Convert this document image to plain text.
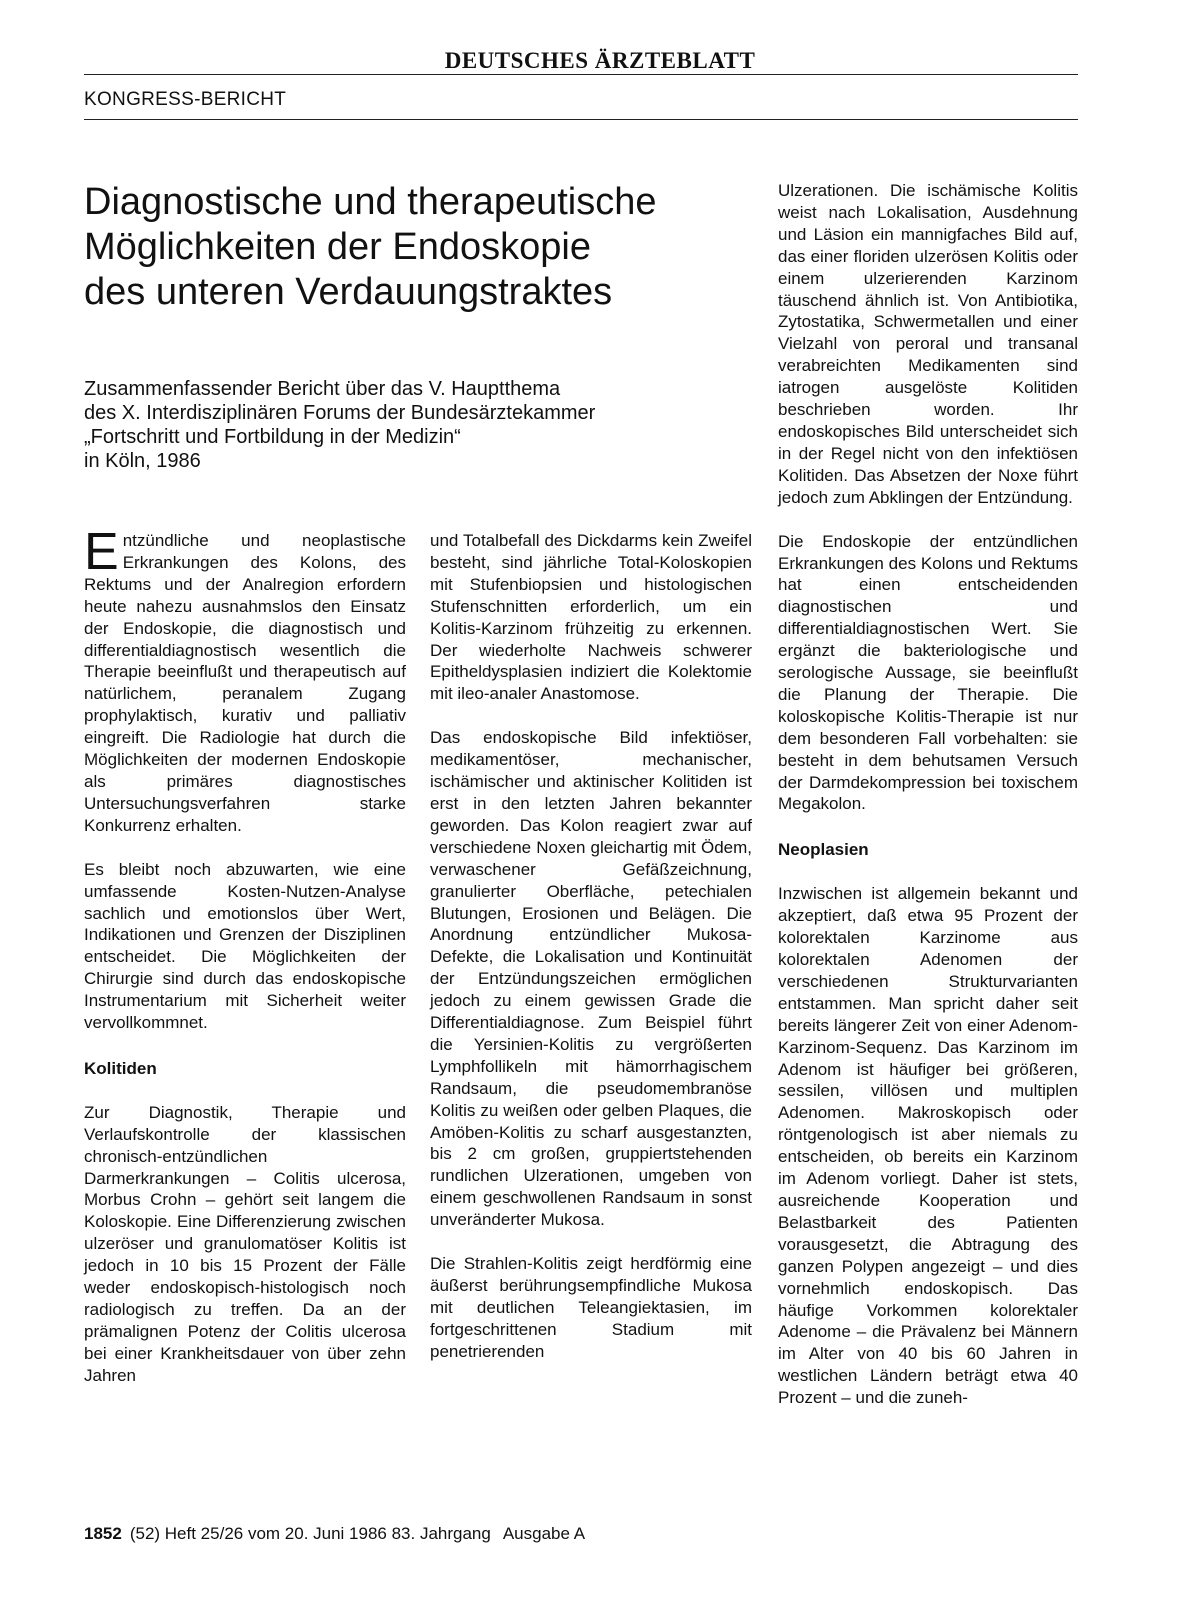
DEUTSCHES ÄRZTEBLATT
KONGRESS-BERICHT
Diagnostische und therapeutische
Möglichkeiten der Endoskopie
des unteren Verdauungstraktes
Zusammenfassender Bericht über das V. Hauptthema
des X. Interdisziplinären Forums der Bundesärztekammer
„Fortschritt und Fortbildung in der Medizin“
in Köln, 1986

Entzündliche und neoplastische Erkrankungen des Kolons, des Rektums und der Analregion erfordern heute nahezu ausnahmslos den Einsatz der Endoskopie, die diagnostisch und differentialdiagnostisch wesentlich die Therapie beeinflußt und therapeutisch auf natürlichem, peranalem Zugang prophylaktisch, kurativ und palliativ eingreift. Die Radiologie hat durch die Möglichkeiten der modernen Endoskopie als primäres diagnostisches Untersuchungsverfahren starke Konkurrenz erhalten.

Es bleibt noch abzuwarten, wie eine umfassende Kosten-Nutzen-Analyse sachlich und emotionslos über Wert, Indikationen und Grenzen der Disziplinen entscheidet. Die Möglichkeiten der Chirurgie sind durch das endoskopische Instrumentarium mit Sicherheit weiter vervollkommnet.

Kolitiden

Zur Diagnostik, Therapie und Verlaufskontrolle der klassischen chronisch-entzündlichen Darmerkrankungen – Colitis ulcerosa, Morbus Crohn – gehört seit langem die Koloskopie. Eine Differenzierung zwischen ulzeröser und granulomatöser Kolitis ist jedoch in 10 bis 15 Prozent der Fälle weder endoskopisch-histologisch noch radiologisch zu treffen. Da an der prämalignen Potenz der Colitis ulcerosa bei einer Krankheitsdauer von über zehn Jahren

und Totalbefall des Dickdarms kein Zweifel besteht, sind jährliche Total-Koloskopien mit Stufenbiopsien und histologischen Stufenschnitten erforderlich, um ein Kolitis-Karzinom frühzeitig zu erkennen. Der wiederholte Nachweis schwerer Epitheldysplasien indiziert die Kolektomie mit ileo-analer Anastomose.

Das endoskopische Bild infektiöser, medikamentöser, mechanischer, ischämischer und aktinischer Kolitiden ist erst in den letzten Jahren bekannter geworden. Das Kolon reagiert zwar auf verschiedene Noxen gleichartig mit Ödem, verwaschener Gefäßzeichnung, granulierter Oberfläche, petechialen Blutungen, Erosionen und Belägen. Die Anordnung entzündlicher Mukosa-Defekte, die Lokalisation und Kontinuität der Entzündungszeichen ermöglichen jedoch zu einem gewissen Grade die Differentialdiagnose. Zum Beispiel führt die Yersinien-Kolitis zu vergrößerten Lymphfollikeln mit hämorrhagischem Randsaum, die pseudomembranöse Kolitis zu weißen oder gelben Plaques, die Amöben-Kolitis zu scharf ausgestanzten, bis 2 cm großen, gruppiertstehenden rundlichen Ulzerationen, umgeben von einem geschwollenen Randsaum in sonst unveränderter Mukosa.

Die Strahlen-Kolitis zeigt herdförmig eine äußerst berührungsempfindliche Mukosa mit deutlichen Teleangiektasien, im fortgeschrittenen Stadium mit penetrierenden

Ulzerationen. Die ischämische Kolitis weist nach Lokalisation, Ausdehnung und Läsion ein mannigfaches Bild auf, das einer floriden ulzerösen Kolitis oder einem ulzerierenden Karzinom täuschend ähnlich ist. Von Antibiotika, Zytostatika, Schwermetallen und einer Vielzahl von peroral und transanal verabreichten Medikamenten sind iatrogen ausgelöste Kolitiden beschrieben worden. Ihr endoskopisches Bild unterscheidet sich in der Regel nicht von den infektiösen Kolitiden. Das Absetzen der Noxe führt jedoch zum Abklingen der Entzündung.

Die Endoskopie der entzündlichen Erkrankungen des Kolons und Rektums hat einen entscheidenden diagnostischen und differentialdiagnostischen Wert. Sie ergänzt die bakteriologische und serologische Aussage, sie beeinflußt die Planung der Therapie. Die koloskopische Kolitis-Therapie ist nur dem besonderen Fall vorbehalten: sie besteht in dem behutsamen Versuch der Darmdekompression bei toxischem Megakolon.

Neoplasien

Inzwischen ist allgemein bekannt und akzeptiert, daß etwa 95 Prozent der kolorektalen Karzinome aus kolorektalen Adenomen der verschiedenen Strukturvarianten entstammen. Man spricht daher seit bereits längerer Zeit von einer Adenom-Karzinom-Sequenz. Das Karzinom im Adenom ist häufiger bei größeren, sessilen, villösen und multiplen Adenomen. Makroskopisch oder röntgenologisch ist aber niemals zu entscheiden, ob bereits ein Karzinom im Adenom vorliegt. Daher ist stets, ausreichende Kooperation und Belastbarkeit des Patienten vorausgesetzt, die Abtragung des ganzen Polypen angezeigt – und dies vornehmlich endoskopisch. Das häufige Vorkommen kolorektaler Adenome – die Prävalenz bei Männern im Alter von 40 bis 60 Jahren in westlichen Ländern beträgt etwa 40 Prozent – und die zuneh-

1852 (52) Heft 25/26 vom 20. Juni 1986 83. Jahrgang Ausgabe A
